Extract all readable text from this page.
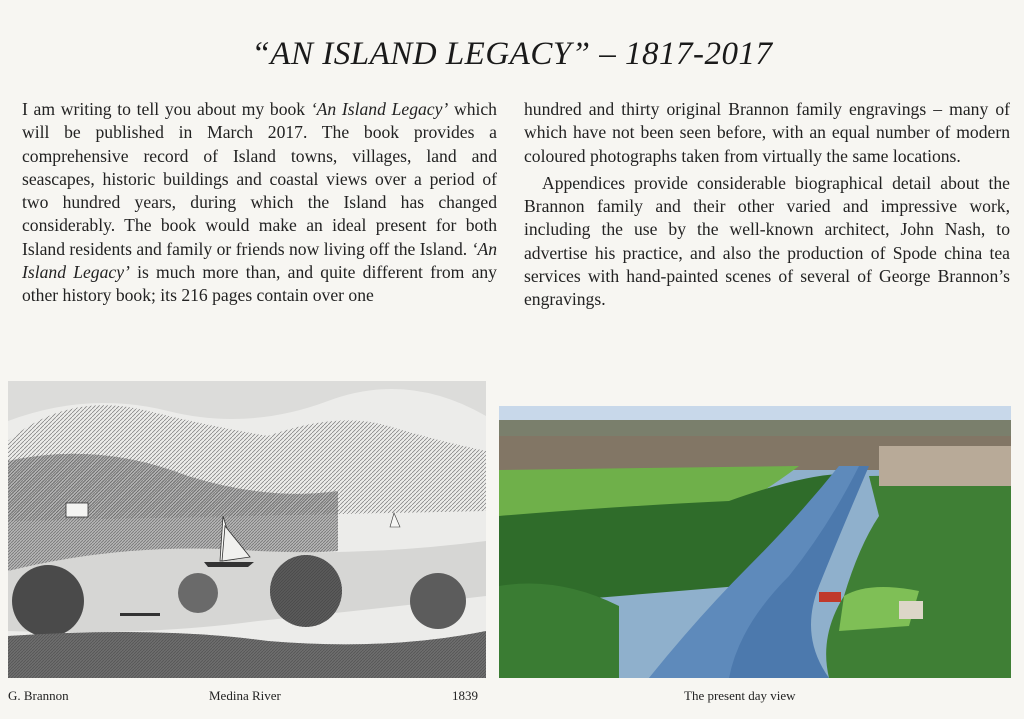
“AN ISLAND LEGACY” – 1817-2017

I am writing to tell you about my book ‘An Island Legacy’ which will be published in March 2017. The book provides a comprehensive record of Island towns, villages, land and seascapes, historic buildings and coastal views over a period of two hundred years, during which the Island has changed considerably. The book would make an ideal present for both Island residents and family or friends now living off the Island. ‘An Island Legacy’ is much more than, and quite different from any other history book; its 216 pages contain over one

hundred and thirty original Brannon family engravings – many of which have not been seen before, with an equal number of modern coloured photographs taken from virtually the same locations.

Appendices provide considerable biographical detail about the Brannon family and their other varied and impressive work, including the use by the well-known architect, John Nash, to advertise his practice, and also the production of Spode china tea services with hand-painted scenes of several of George Brannon’s engravings.

G. Brannon	Medina River	1839	The present day view
